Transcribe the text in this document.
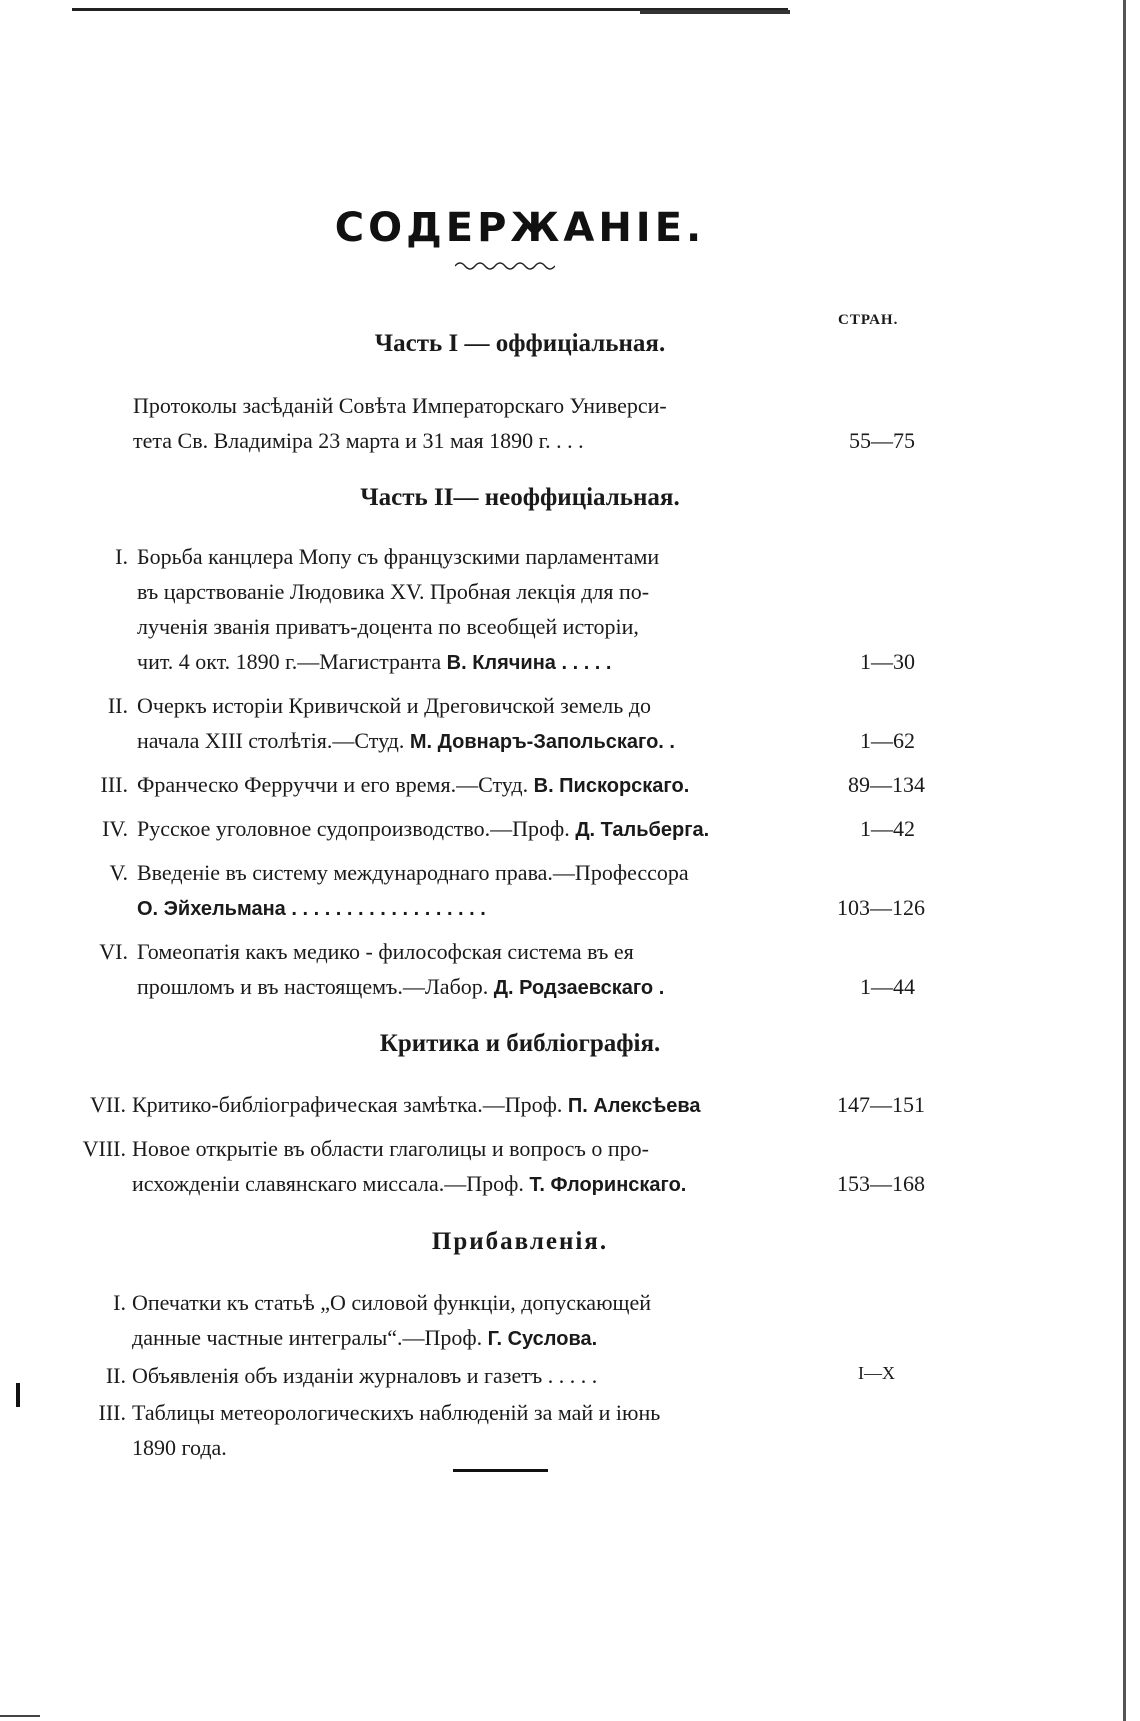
СОДЕРЖАНІЕ.
СТРАН.
Часть I — оффиціальная.
Протоколы засѣданій Совѣта Императорскаго Универси-
тета Св. Владиміра 23 марта и 31 мая 1890 г. . . .	55—75
Часть II— неоффиціальная.
I. Борьба канцлера Мопу съ французскими парламентами
въ царствованіе Людовика XV. Пробная лекція для по-
лученія званія приватъ-доцента по всеобщей исторіи,
чит. 4 окт. 1890 г.—Магистранта В. Клячина . . . . .	1—30
II. Очеркъ исторіи Кривичской и Дреговичской земель до
начала XIII столѣтія.—Студ. М. Довнаръ-Запольскаго. .	1—62
III. Франческо Ферруччи и его время.—Студ. В. Пискорскаго.	89—134
IV. Русское уголовное судопроизводство.—Проф. Д. Тальберга.	1—42
V. Введеніе въ систему международнаго права.—Профессора
О. Эйхельмана . . . . . . . . . . . . . . . . . .	103—126
VI. Гомеопатія какъ медико - философская система въ ея
прошломъ и въ настоящемъ.—Лабор. Д. Родзаевскаго .	1—44
Критика и библіографія.
VII. Критико-библіографическая замѣтка.—Проф. П. Алексѣева	147—151
VIII. Новое открытіе въ области глаголицы и вопросъ о про-
исхожденіи славянскаго миссала.—Проф. Т. Флоринскаго.	153—168
Прибавленія.
I. Опечатки къ статьѣ „О силовой функціи, допускающей
данные частные интегралы“.—Проф. Г. Суслова.
II. Объявленія объ изданіи журналовъ и газетъ . . . . .	I—X
III. Таблицы метеорологическихъ наблюденій за май и іюнь
1890 года.
